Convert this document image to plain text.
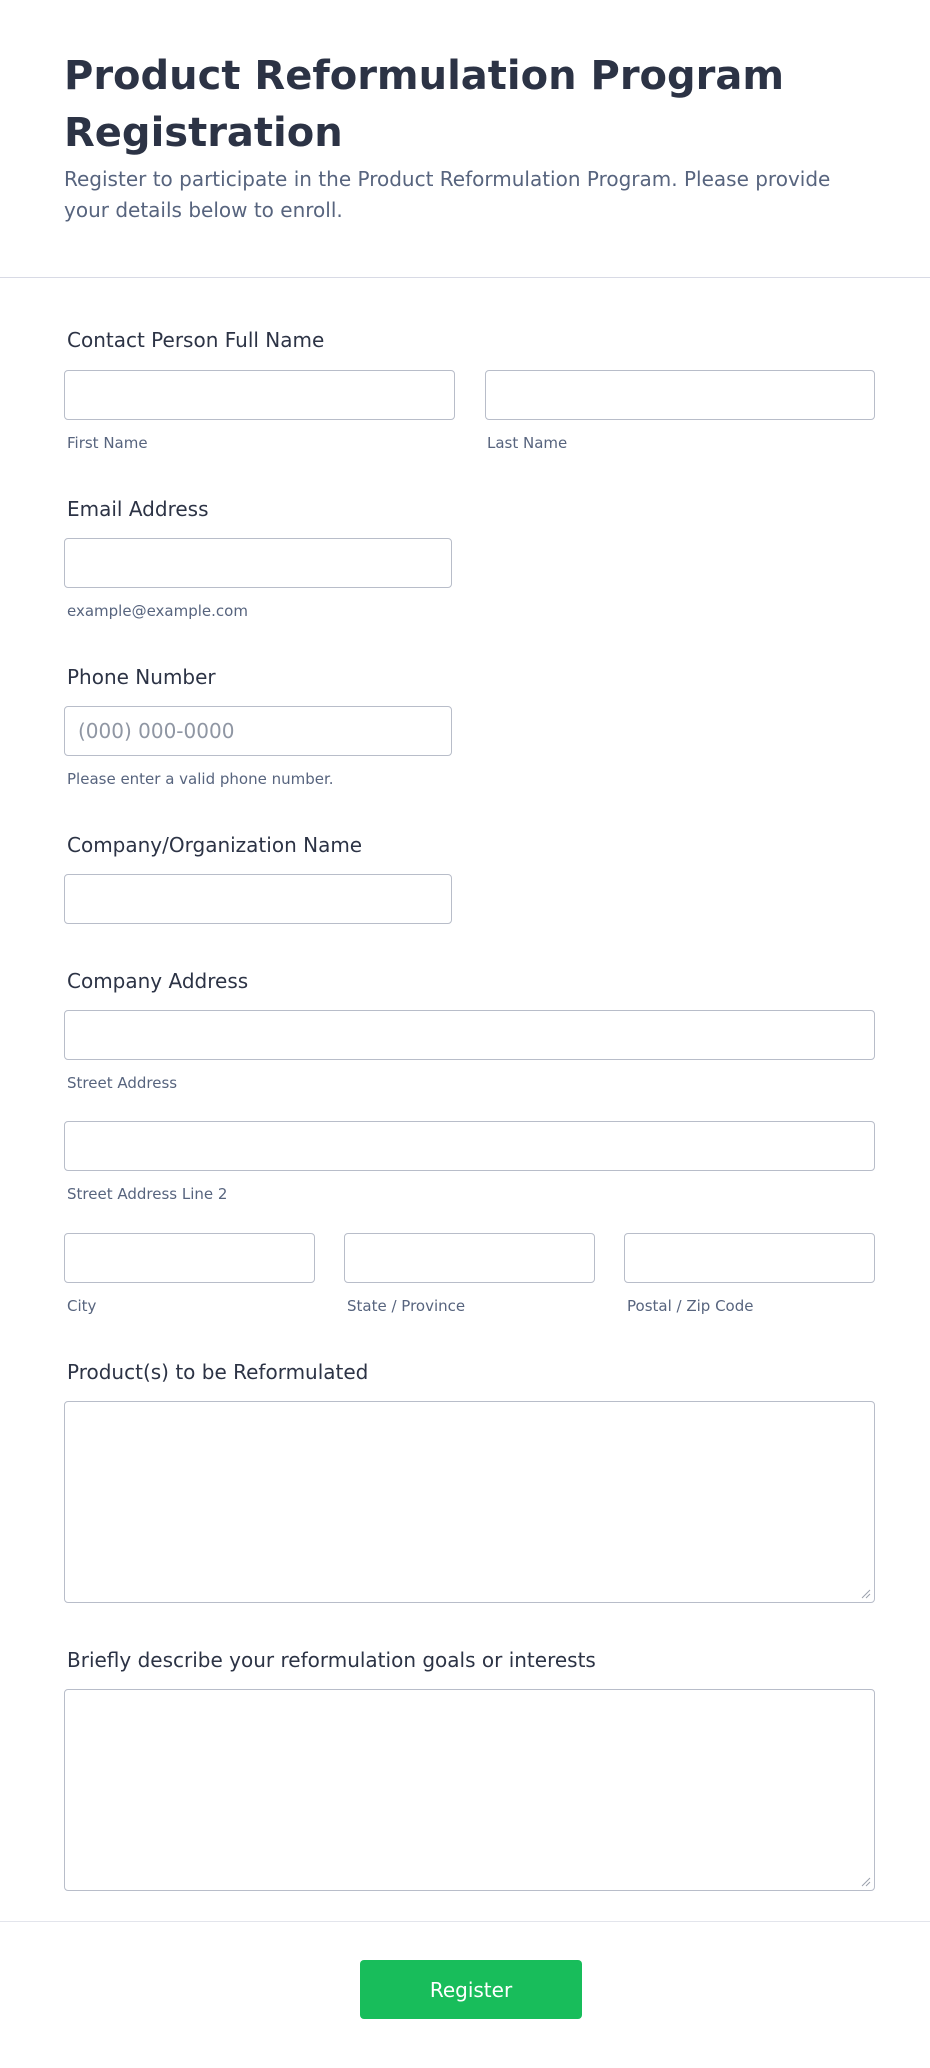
Product Reformulation Program Registration

Register to participate in the Product Reformulation Program. Please provide your details below to enroll.

Contact Person Full Name
First Name	Last Name
Email Address
example@example.com
Phone Number
(000) 000-0000
Please enter a valid phone number.
Company/Organization Name
Company Address
Street Address
Street Address Line 2
City	State / Province	Postal / Zip Code
Product(s) to be Reformulated
Briefly describe your reformulation goals or interests
Register
